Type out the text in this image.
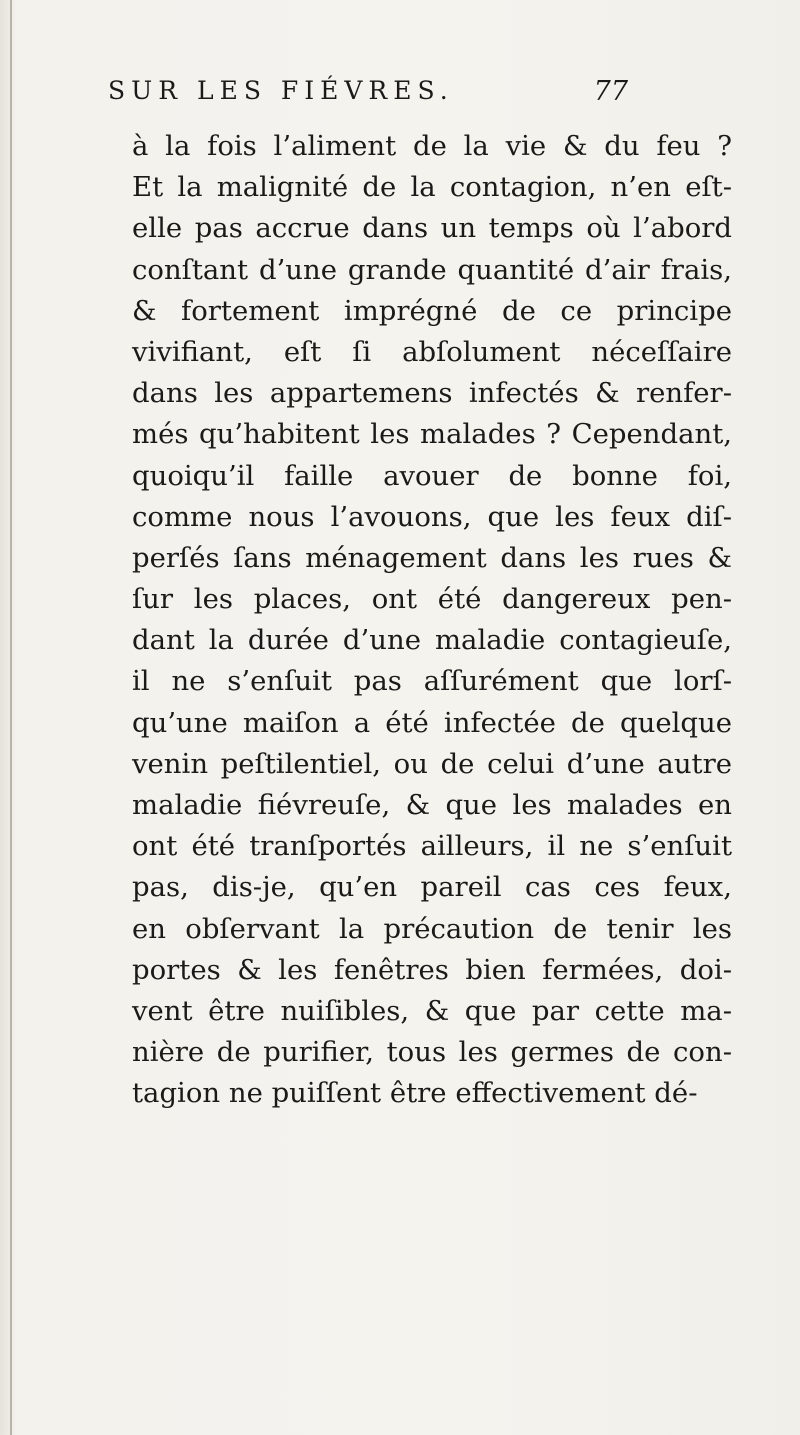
SUR LES FIÉVRES.	77
à la fois l’aliment de la vie & du feu ?
Et la malignité de la contagion, n’en eſt-
elle pas accrue dans un temps où l’abord
conſtant d’une grande quantité d’air frais,
& fortement imprégné de ce principe
vivifiant, eſt ſi abſolument néceſſaire
dans les appartemens infectés & renfer-
més qu’habitent les malades ? Cependant,
quoiqu’il faille avouer de bonne foi,
comme nous l’avouons, que les feux diſ-
perſés ſans ménagement dans les rues &
ſur les places, ont été dangereux pen-
dant la durée d’une maladie contagieuſe,
il ne s’enſuit pas aſſurément que lorſ-
qu’une maiſon a été infectée de quelque
venin peſtilentiel, ou de celui d’une autre
maladie fiévreuſe, & que les malades en
ont été tranſportés ailleurs, il ne s’enſuit
pas, dis-je, qu’en pareil cas ces feux,
en obſervant la précaution de tenir les
portes & les fenêtres bien fermées, doi-
vent être nuiſibles, & que par cette ma-
nière de purifier, tous les germes de con-
tagion ne puiſſent être effectivement dé-
